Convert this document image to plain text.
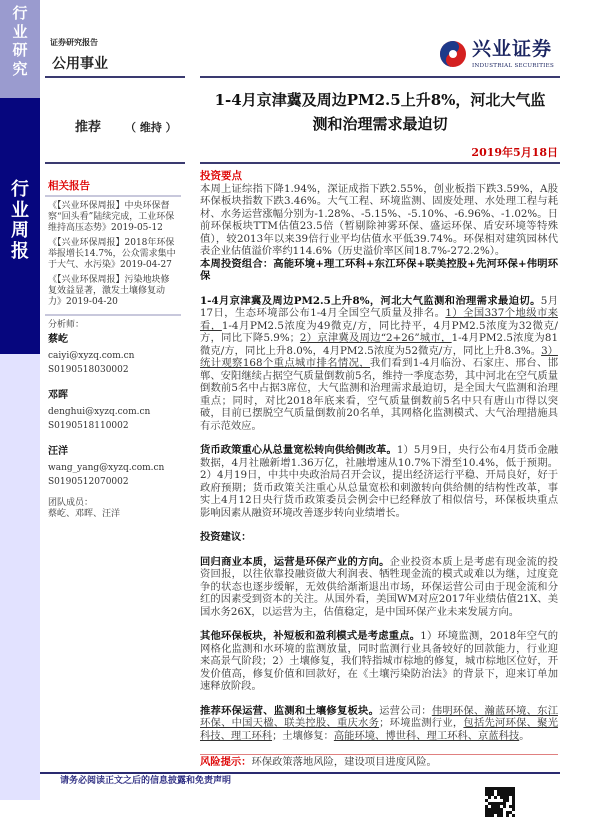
行
业
研
究
行
业
周
报
证券研究报告
公用事业
兴业证券
INDUSTRIAL SECURITIES
1-4月京津冀及周边PM2.5上升8%，河北大气监
测和治理需求最迫切
推荐 （ 维持 ）
2019年5月18日
相关报告
《【兴业环保周报】中央环保督察“回头看”陆续完成，工业环保维持高压态势》2019-05-12
《【兴业环保周报】2018年环保举报增长14.7%，公众需求集中于大气、水污染》2019-04-27
《【兴业环保周报】污染地块修复效益显著，激发土壤修复动力》2019-04-20
分析师：
蔡屹
caiyi@xyzq.com.cn
S0190518030002
邓晖
denghui@xyzq.com.cn
S0190518110002
汪洋
wang_yang@xyzq.com.cn
S0190512070002
团队成员：
蔡屹、邓晖、汪洋
投资要点
本周上证综指下降1.94%，深证成指下跌2.55%，创业板指下跌3.59%，A股环保板块指数下跌3.46%。大气工程、环境监测、固废处理、水处理工程与耗材、水务运营涨幅分别为-1.28%、-5.15%、-5.10%、-6.96%、-1.02%。日前环保板块TTM估值23.5倍（暂剔除神雾环保、盛运环保、盾安环境等特殊值），较2013年以来39倍行业平均估值水平低39.74%。环保相对建筑园林代表企业估值溢价率约114.6%（历史溢价率区间18.7%-272.2%）。
本周投资组合：高能环境+理工环科+东江环保+联美控股+先河环保+伟明环保
1-4月京津冀及周边PM2.5上升8%，河北大气监测和治理需求最迫切。5月17日，生态环境部公布1-4月全国空气质量及排名。1）全国337个地级市来看，1-4月PM2.5浓度为49微克/方，同比持平，4月PM2.5浓度为32微克/方，同比下降5.9%；2）京津冀及周边“2+26”城市，1-4月PM2.5浓度为81微克/方，同比上升8.0%，4月PM2.5浓度为52微克/方，同比上升8.3%。3）统计观察168个重点城市排名情况，我们看到1-4月临汾、石家庄、邢台、邯郸、安阳继续占据空气质量倒数前5名，维持一季度态势，其中河北在空气质量倒数前5名中占据3席位，大气监测和治理需求最迫切，是全国大气监测和治理重点；同时，对比2018年底来看，空气质量倒数前5名中只有唐山市得以突破，目前已摆脱空气质量倒数前20名单，其网格化监测模式、大气治理措施具有示范效应。
货币政策重心从总量宽松转向供给侧改革。1）5月9日，央行公布4月货币金融数据，4月社融新增1.36万亿，社融增速从10.7%下滑至10.4%，低于预期。2）4月19日，中共中央政治局召开会议，提出经济运行平稳、开局良好，好于政府预期；货币政策关注重心从总量宽松和刺激转向供给侧的结构性改革，事实上4月12日央行货币政策委员会例会中已经释放了相似信号，环保板块重点影响因素从融资环境改善逐步转向业绩增长。
投资建议：
回归商业本质，运营是环保产业的方向。企业投资本质上是考虑有现金流的投资回报，以往依靠投融资做大利润表、牺牲现金流的模式或难以为继，过度竞争的状态也逐步缓解，无效供给渐渐退出市场，环保运营公司由于现金流和分红的因素受到资本的关注。从国外看，美国WM对应2017年业绩估值21X、美国水务26X，以运营为主，估值稳定，是中国环保产业未来发展方向。
其他环保板块，补短板和盈利模式是考虑重点。1）环境监测，2018年空气的网格化监测和水环境的监测放量，同时监测行业具备较好的回款能力，行业迎来高景气阶段；2）土壤修复，我们特指城市棕地的修复，城市棕地区位好，开发价值高，修复价值和回款好，在《土壤污染防治法》的背景下，迎来订单加速释放阶段。
推荐环保运营、监测和土壤修复板块。运营公司：伟明环保、瀚蓝环境、东江环保、中国天楹、联美控股、重庆水务；环境监测行业，包括先河环保、聚光科技、理工环科；土壤修复：高能环境、博世科、理工环科、京蓝科技。
风险提示：环保政策落地风险，建设项目进度风险。
请务必阅读正文之后的信息披露和免责声明
